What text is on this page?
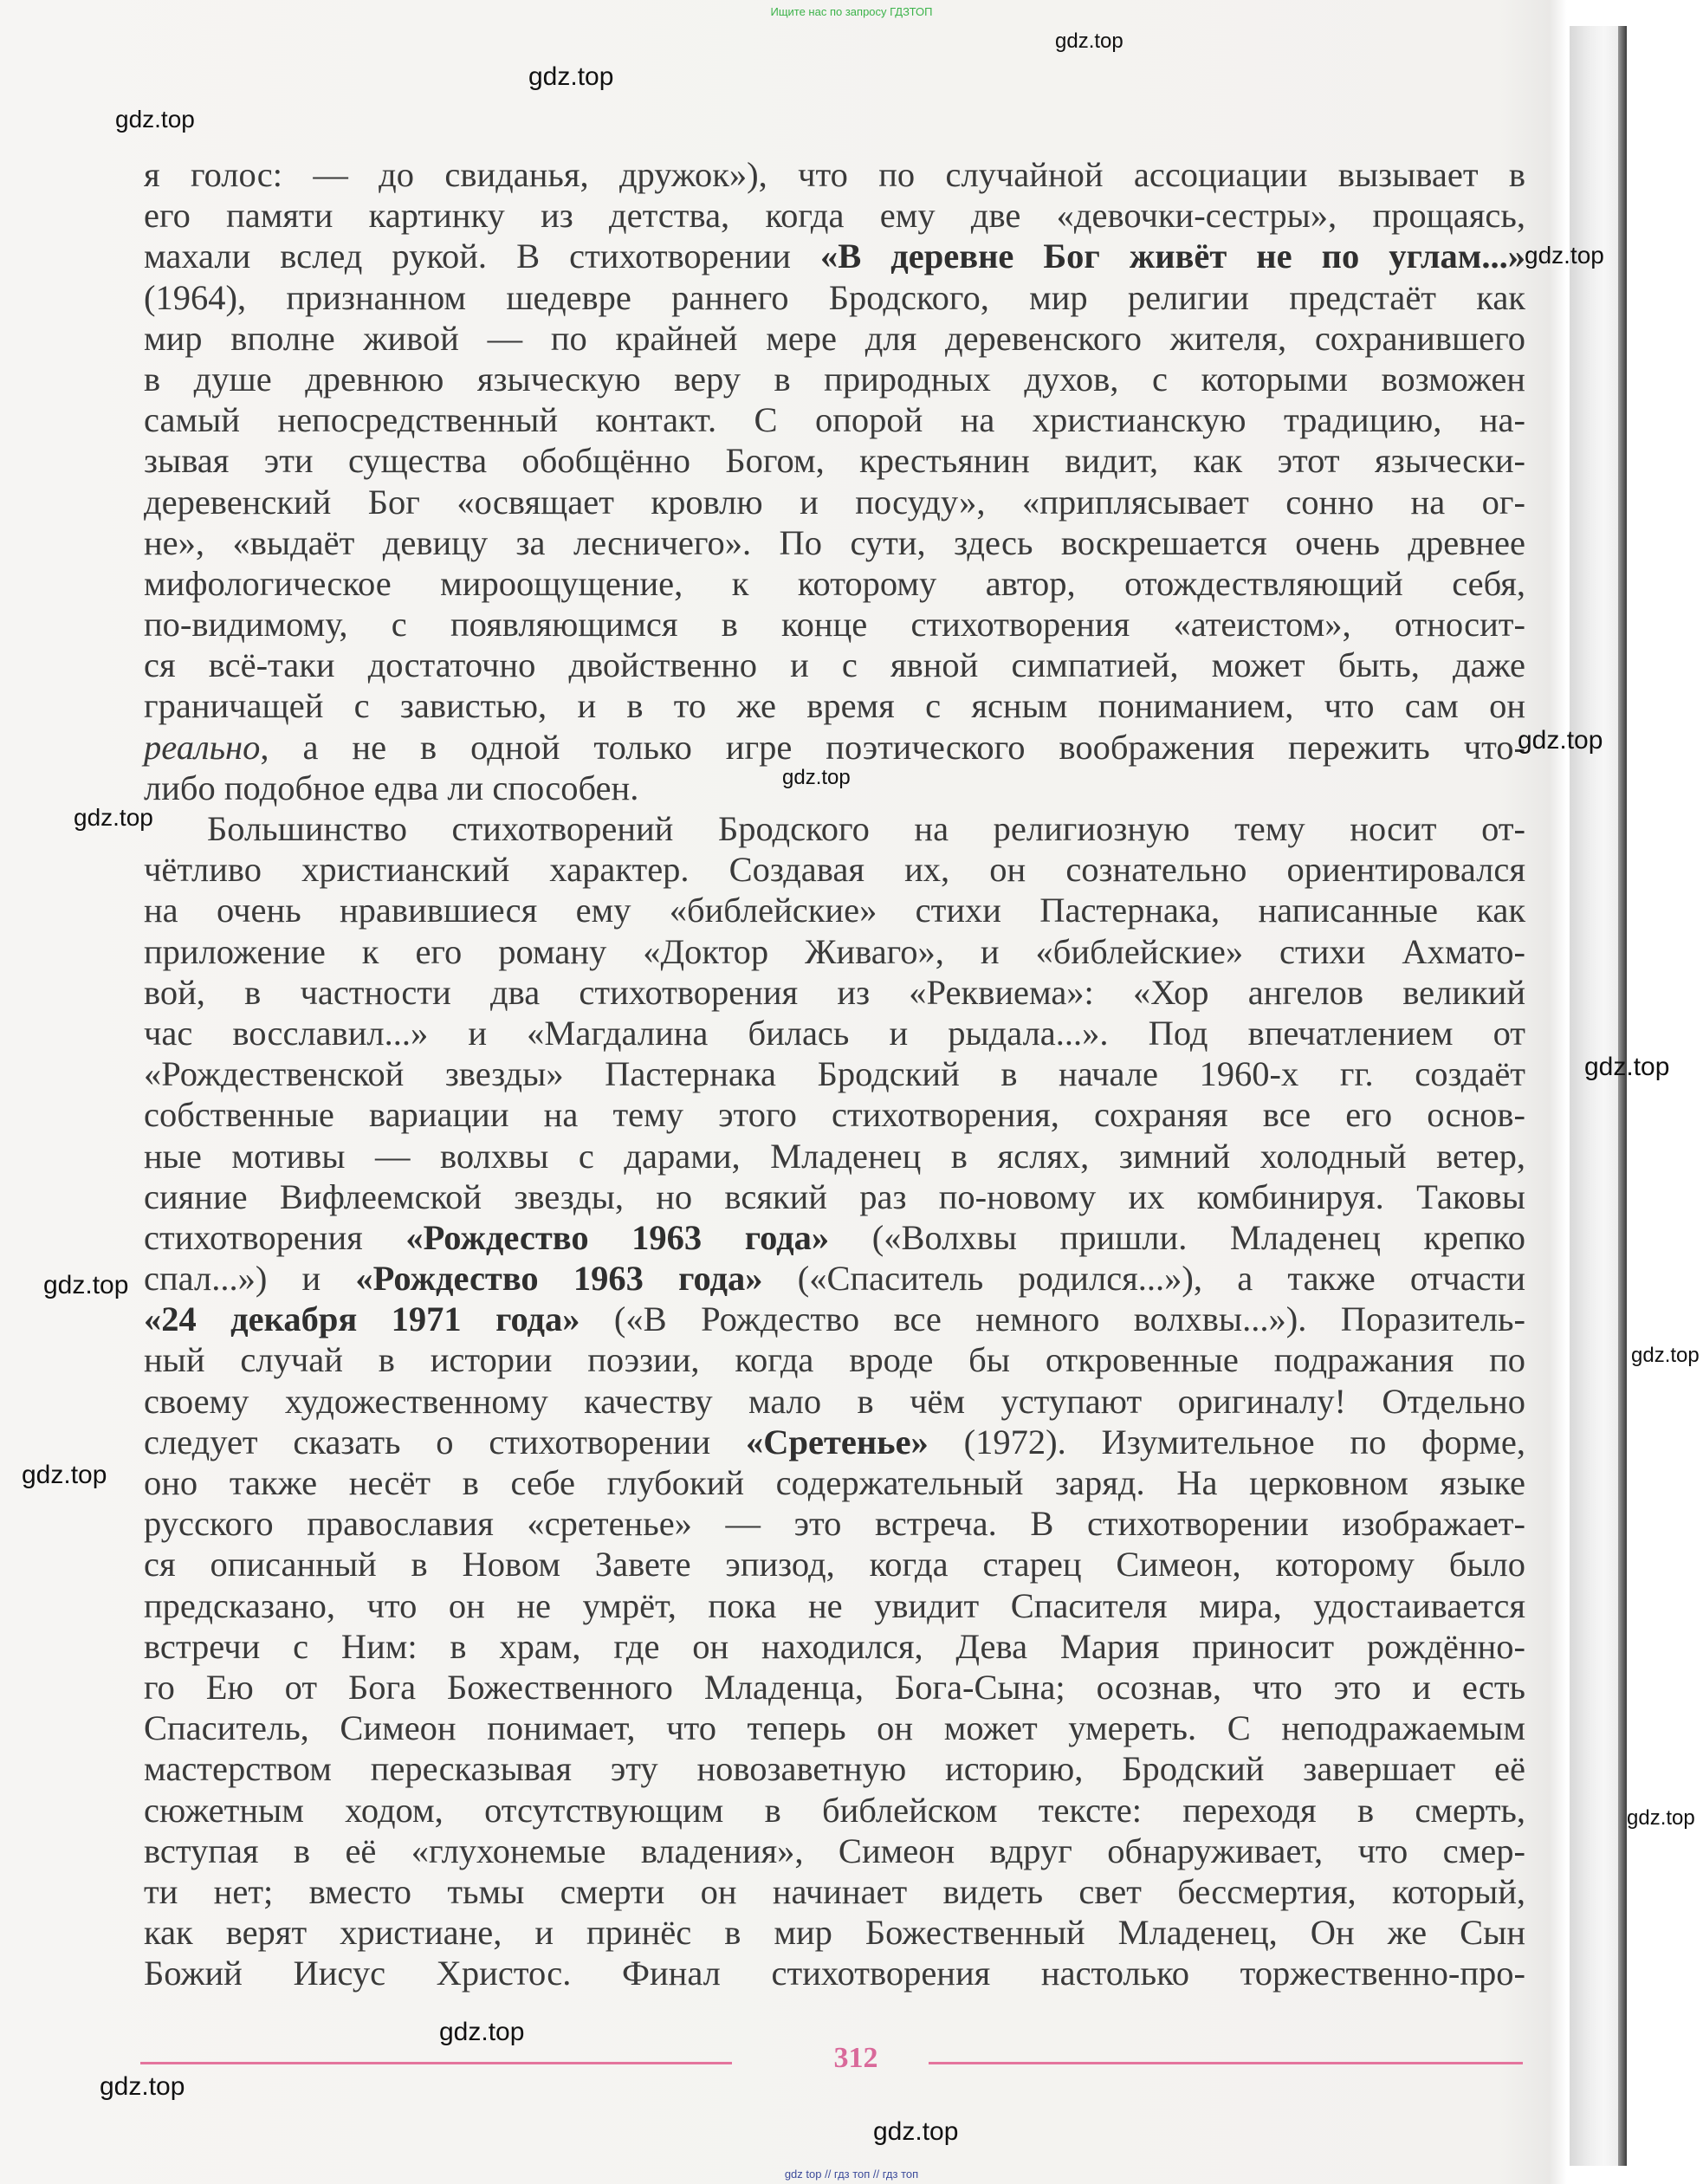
Ищите нас по запросу ГДЗТОП
я голос: — до свиданья, дружок»), что по случайной ассоциации вызывает в
его памяти картинку из детства, когда ему две «девочки-сестры», прощаясь,
махали вслед рукой. В стихотворении «В деревне Бог живёт не по углам...»
(1964), признанном шедевре раннего Бродского, мир религии предстаёт как
мир вполне живой — по крайней мере для деревенского жителя, сохранившего
в душе древнюю языческую веру в природных духов, с которыми возможен
самый непосредственный контакт. С опорой на христианскую традицию, на-
зывая эти существа обобщённо Богом, крестьянин видит, как этот язычески-
деревенский Бог «освящает кровлю и посуду», «приплясывает сонно на ог-
не», «выдаёт девицу за лесничего». По сути, здесь воскрешается очень древнее
мифологическое мироощущение, к которому автор, отождествляющий себя,
по-видимому, с появляющимся в конце стихотворения «атеистом», относит-
ся всё-таки достаточно двойственно и с явной симпатией, может быть, даже
граничащей с завистью, и в то же время с ясным пониманием, что сам он
реально, а не в одной только игре поэтического воображения пережить что-
либо подобное едва ли способен.
Большинство стихотворений Бродского на религиозную тему носит от-
чётливо христианский характер. Создавая их, он сознательно ориентировался
на очень нравившиеся ему «библейские» стихи Пастернака, написанные как
приложение к его роману «Доктор Живаго», и «библейские» стихи Ахмато-
вой, в частности два стихотворения из «Реквиема»: «Хор ангелов великий
час восславил...» и «Магдалина билась и рыдала...». Под впечатлением от
«Рождественской звезды» Пастернака Бродский в начале 1960-х гг. создаёт
собственные вариации на тему этого стихотворения, сохраняя все его основ-
ные мотивы — волхвы с дарами, Младенец в яслях, зимний холодный ветер,
сияние Вифлеемской звезды, но всякий раз по-новому их комбинируя. Таковы
стихотворения «Рождество 1963 года» («Волхвы пришли. Младенец крепко
спал...») и «Рождество 1963 года» («Спаситель родился...»), а также отчасти
«24 декабря 1971 года» («В Рождество все немного волхвы...»). Поразитель-
ный случай в истории поэзии, когда вроде бы откровенные подражания по
своему художественному качеству мало в чём уступают оригиналу! Отдельно
следует сказать о стихотворении «Сретенье» (1972). Изумительное по форме,
оно также несёт в себе глубокий содержательный заряд. На церковном языке
русского православия «сретенье» — это встреча. В стихотворении изображает-
ся описанный в Новом Завете эпизод, когда старец Симеон, которому было
предсказано, что он не умрёт, пока не увидит Спасителя мира, удостаивается
встречи с Ним: в храм, где он находился, Дева Мария приносит рождённо-
го Ею от Бога Божественного Младенца, Бога-Сына; осознав, что это и есть
Спаситель, Симеон понимает, что теперь он может умереть. С неподражаемым
мастерством пересказывая эту новозаветную историю, Бродский завершает её
сюжетным ходом, отсутствующим в библейском тексте: переходя в смерть,
вступая в её «глухонемые владения», Симеон вдруг обнаруживает, что смер-
ти нет; вместо тьмы смерти он начинает видеть свет бессмертия, который,
как верят христиане, и принёс в мир Божественный Младенец, Он же Сын
Божий Иисус Христос. Финал стихотворения настолько торжественно-про-
312
gdz.top
gdz.top
gdz.top
gdz.top
gdz.top
gdz.top
gdz.top
gdz.top
gdz.top
gdz.top
gdz.top
gdz.top
gdz.top
gdz.top
gdz.top
gdz top // гдз топ // гдз топ
